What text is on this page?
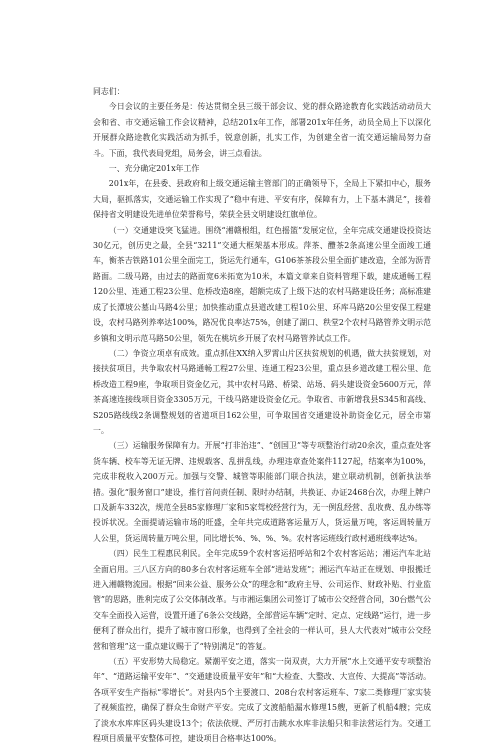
同志们：

今日会议的主要任务是：传达贯彻全县三级干部会议、党的群众路途教育化实践活动动员大会和省、市交通运输工作会议精神，总结201x年工作，部署201x年任务，动员全局上下以深化开展群众路途教化实践活动为抓手，锐意创新，扎实工作，为创建全省一流交通运输局努力奋斗。下面，我代表局党组，局务会，讲三点看法。

一、充分确定201x年工作

201x年，在县委、县政府和上级交通运输主管部门的正确领导下，全局上下紧扣中心，服务大局，驱抓落实，交通运输工作实现了“稳中有进、平安有序，保障有力，上下基本满足”，接着保持省文明建设先进单位荣誉称号，荣获全县文明建设红旗单位。

（一）交通建设突飞猛进。围绕“湘赣根组，红色摇篮”发展定位，全年完成交通建设投资达30亿元，创历史之最，全县“3211”交通大框架基本形成。萍茶、醴茶2条高速公里全面竣工通车，衡茶吉铁路101公里全面完工，货运先行通车，G106茶茶段公里全面扩建改造，全部为沥青路面。二级马路，由过去的路面宽6米拓宽为10米，本篇文章来自资料管理下载，建成通畅工程120公里、连通工程23公里、危桥改造8座，超额完成了上级下达的农村马路建设任务；高标准建成了长潭坡公墓山马路4公里；加快推动重点县道改建工程10公里、环库马路20公里安保工程建设，农村马路列养率达100%，路况优良率达75%，创建了湖口、秩堂2个农村马路管养文明示范乡镇和文明示范马路50公里，领先在桃坑乡开展了农村马路管养试点工作。

（二）争资立项卓有成效。重点抓住XX纳入罗霄山片区扶贫规划的机遇，做大扶贫规划，对接扶贫项目，共争取农村马路通畅工程27公里、连通工程23公里，重点县乡道改建工程公里、危桥改造工程9座，争取项目资金亿元，其中农村马路、桥梁、站场、码头建设资金5600万元，萍茶高速连接线项目资金3305万元，干线马路建设资金亿元。争取省、市新增我县S345和高线、S205路线线2条调整规划的省道项目162公里，可争取国省交通建设补助资金亿元，居全市第一。

（三）运输服务保障有力。开展“打非治违”、“创国卫”等专项整治行动20余次，重点查处客货车辆、校车等无证无牌、违规载客、乱拼乱线，办理违章查处案件1127起，结案率为100%，完成非税收入200万元。加强与交警、城管等职能部门联合执法，建立联动机制，创新执法举措。强化“服务窗口”建设，推行首问责任制、限时办结制，共换证、办证2468台次，办理上牌户口及新车332次，规范全县85家修理厂家和5家驾校经营行为，无一例乱经营、乱收费、乱办练等投诉状况。全面提请运输市场的旺盛，全年共完成道路客运量万人，货运量万吨，客运周转量万人公里，货运周转量万吨公里，同比增长%、%、%、%。农村客运班线行政村通班线率达%。

（四）民生工程惠民利民。全年完成59个农村客运招呼站和2个农村客运站；湘运汽车北站全面启用。三八区方向的80多台农村客运班车全部“进站发班”；湘运汽车站正在规划、申报搬迁进入湘赣物流园。根据“回来公益、服务公众”的理念和“政府主导、公司运作、财政补贴、行业监管”的思路，胜利完成了公交体制改革。与市湘运集团公司签订了城市公交经营合同，30台燃气公交车全面投入运营，设置开通了6条公交线路，全部营运车辆“定时、定点、定线路”运行，进一步便利了群众出行，提升了城市窗口形象，也得到了全社会的一样认可，县人大代表对“城市公交经营和管理”这一重点建议赐于了“特别满足”的答复。

（五）平安形势大局稳定。紧潮平安之道，落实一岗双责，大力开展“水上交通平安专项整治年”、“道路运输平安年”、“交通建设质量平安年”和“大检查、大整改、大宣传、大提高”等活动。各项平安生产指标“零增长”。对县内5个主要渡口、208台农村客运班车、7家二类修理厂家实装了视频监控，确保了群众生命财产平安。完成了文渡船船漏水修理15艘，更新了机船4艘；完成了淡水水库库区码头建设13个；依法依规、严厉打击跳水水库非法船只和非法营运行为。交通工程项目质量平安整体可控，建设项目合格率达100%。
